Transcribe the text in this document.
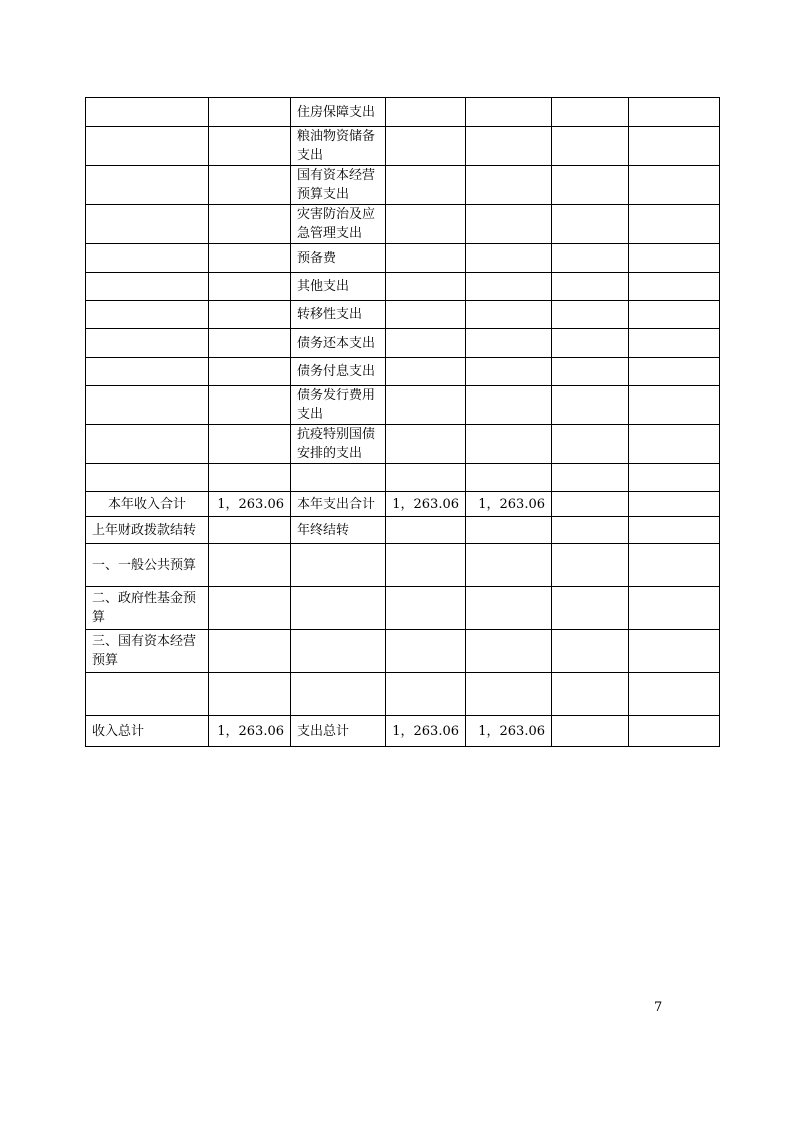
		住房保障支出				
		粮油物资储备支出				
		国有资本经营预算支出				
		灾害防治及应急管理支出				
		预备费				
		其他支出				
		转移性支出				
		债务还本支出				
		债务付息支出				
		债务发行费用支出				
		抗疫特别国债安排的支出				

本年收入合计	1，263.06	本年支出合计	1，263.06	1，263.06		
上年财政拨款结转		年终结转				
一、一般公共预算						
二、政府性基金预算						
三、国有资本经营预算						

收入总计	1，263.06	支出总计	1，263.06	1，263.06		
7
